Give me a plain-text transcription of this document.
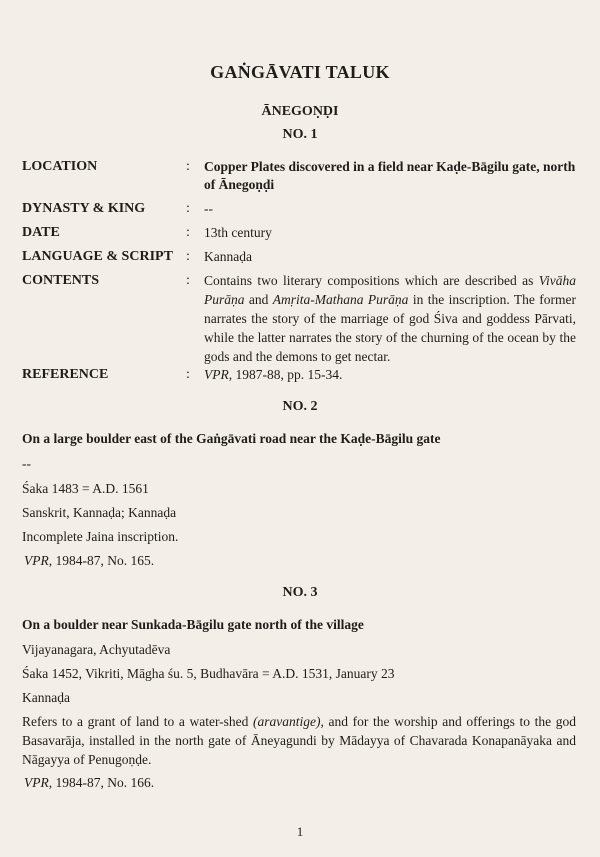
GAṄGĀVATI TALUK
ĀNEGOṆḌI
NO. 1
LOCATION	: Copper Plates discovered in a field near Kaḍe-Bāgilu gate, north
of Ānegoṇḍi
DYNASTY & KING	: --
DATE	: 13th century
LANGUAGE & SCRIPT : Kannaḍa
CONTENTS	: Contains two literary compositions which are described as Vivāha Purāṇa and Amṛita-Mathana Purāṇa in the inscription. The former narrates the story of the marriage of god Śiva and goddess Pārvati, while the latter narrates the story of the churning of the ocean by the gods and the demons to get nectar.
REFERENCE	: VPR, 1987-88, pp. 15-34.
NO. 2
On a large boulder east of the Gaṅgāvati road near the Kaḍe-Bāgilu gate
--
Śaka 1483 = A.D. 1561
Sanskrit, Kannaḍa; Kannaḍa
Incomplete Jaina inscription.
VPR, 1984-87, No. 165.
NO. 3
On a boulder near Sunkada-Bāgilu gate north of the village
Vijayanagara, Achyutadēva
Śaka 1452, Vikriti, Māgha śu. 5, Budhavāra = A.D. 1531, January 23
Kannaḍa
Refers to a grant of land to a water-shed (aravantige), and for the worship and offerings to the god Basavarāja, installed in the north gate of Āneyagundi by Mādayya of Chavarada Konapanāyaka and Nāgayya of Penugoṇḍe.
VPR, 1984-87, No. 166.
1
